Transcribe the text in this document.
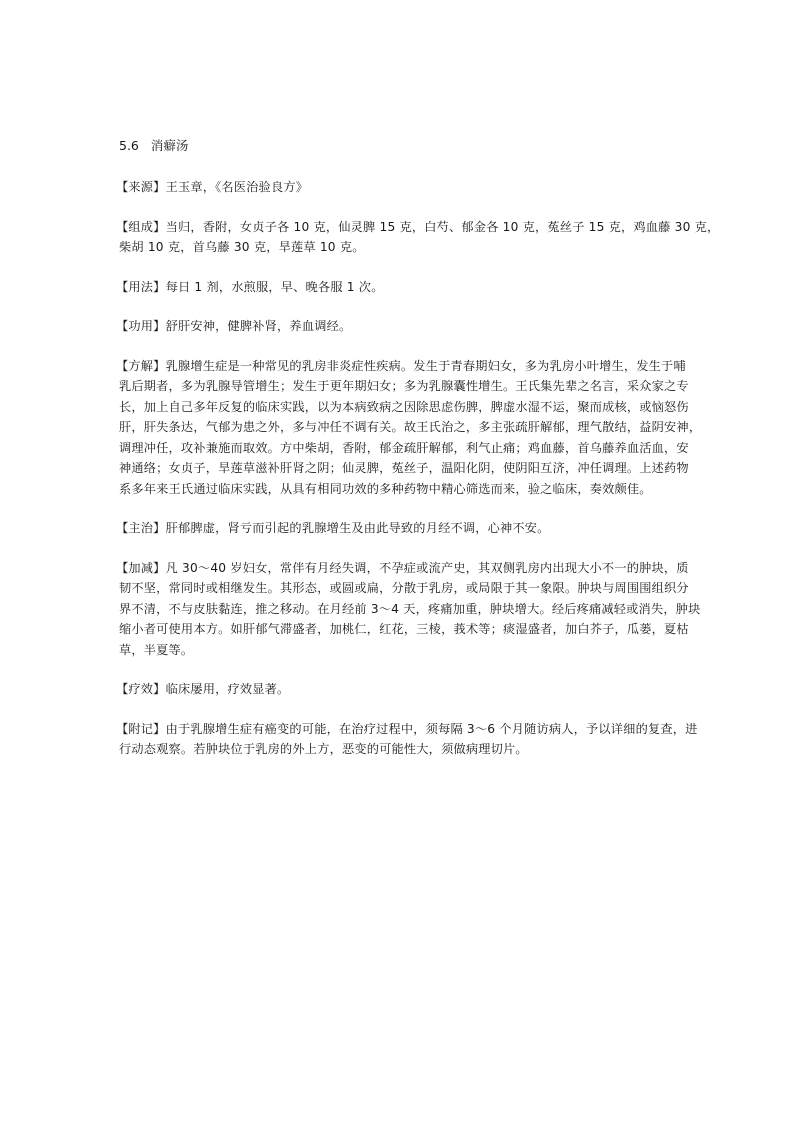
5.6 消癖汤
【来源】王玉章，《名医治验良方》
【组成】当归，香附，女贞子各 10 克，仙灵脾 15 克，白芍、郁金各 10 克，菟丝子 15 克，鸡血藤 30 克，
柴胡 10 克，首乌藤 30 克，旱莲草 10 克。
【用法】每日 1 剂，水煎服，早、晚各服 1 次。
【功用】舒肝安神，健脾补肾，养血调经。
【方解】乳腺增生症是一种常见的乳房非炎症性疾病。发生于青春期妇女，多为乳房小叶增生，发生于哺
乳后期者，多为乳腺导管增生；发生于更年期妇女；多为乳腺囊性增生。王氏集先辈之名言，采众家之专
长，加上自己多年反复的临床实践，以为本病致病之因除思虑伤脾，脾虚水湿不运，聚而成核，或恼怒伤
肝，肝失条达，气郁为患之外，多与冲任不调有关。故王氏治之，多主张疏肝解郁，理气散结，益阴安神，
调理冲任，攻补兼施而取效。方中柴胡，香附，郁金疏肝解郁，利气止痛；鸡血藤，首乌藤养血活血，安
神通络；女贞子，旱莲草滋补肝肾之阴；仙灵脾，菟丝子，温阳化阴，使阴阳互济，冲任调理。上述药物
系多年来王氏通过临床实践，从具有相同功效的多种药物中精心筛选而来，验之临床，奏效颇佳。
【主治】肝郁脾虚，肾亏而引起的乳腺增生及由此导致的月经不调，心神不安。
【加减】凡 30～40 岁妇女，常伴有月经失调，不孕症或流产史，其双侧乳房内出现大小不一的肿块，质
韧不坚，常同时或相继发生。其形态，或圆或扁，分散于乳房，或局限于其一象限。肿块与周围围组织分
界不清，不与皮肤黏连，推之移动。在月经前 3～4 天，疼痛加重，肿块增大。经后疼痛减轻或消失，肿块
缩小者可使用本方。如肝郁气滞盛者，加桃仁，红花，三棱，莪术等；痰湿盛者，加白芥子，瓜蒌，夏枯
草，半夏等。
【疗效】临床屡用，疗效显著。
【附记】由于乳腺增生症有癌变的可能，在治疗过程中，须每隔 3～6 个月随访病人，予以详细的复查，进
行动态观察。若肿块位于乳房的外上方，恶变的可能性大，须做病理切片。
